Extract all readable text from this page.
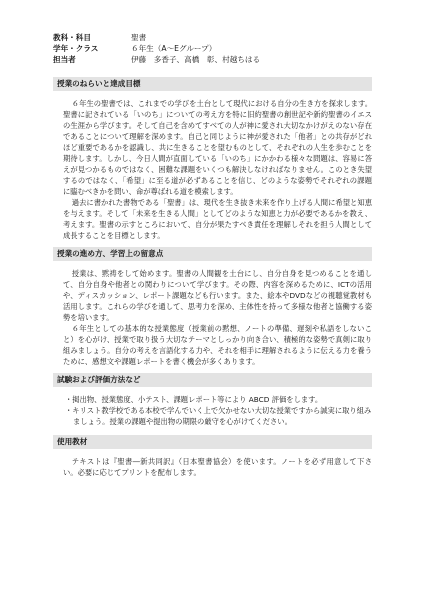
教科・科目	聖書
学年・クラス	６年生（A～Eグループ）
担当者	伊藤　多香子、高橋　彰、村越ちはる
授業のねらいと達成目標

６年生の聖書では、これまでの学びを土台として現代における自分の生き方を探求します。聖書に記されている「いのち」についての考え方を特に旧約聖書の創世記や新約聖書のイエスの生涯から学びます。そして自己を含めてすべての人が神に愛され大切なかけがえのない存在であることについて理解を深めます。自己と同じように神が愛された「他者」との共存がどれほど重要であるかを認識し、共に生きることを望むものとして、それぞれの人生を歩むことを期待します。しかし、今日人間が直面している「いのち」にかかわる様々な問題は、容易に答えが見つかるものではなく、困難な課題をいくつも解決しなければなりません。このとき失望するのではなく、「希望」に至る道が必ずあることを信じ、どのような姿勢でそれぞれの課題に臨むべきかを問い、命が尊ばれる道を模索します。

過去に書かれた書物である「聖書」は、現代を生き抜き未来を作り上げる人間に希望と知恵を与えます。そして「未来を生きる人間」としてどのような知恵と力が必要であるかを教え、考えます。聖書の示すところにおいて、自分が果たすべき責任を理解しそれを担う人間として成長することを目標とします。

授業の進め方、学習上の留意点

授業は、黙祷をして始めます。聖書の人間観を土台にし、自分自身を見つめることを通して、自分自身や他者との関わりについて学びます。その際、内容を深めるために、ICTの活用や、ディスカッション、レポート課題なども行います。また、絵本やDVDなどの視聴覚教材も活用します。これらの学びを通して、思考力を深め、主体性を持って多様な他者と協働する姿勢を培います。

６年生としての基本的な授業態度（授業前の黙想、ノートの準備、遅刻や私語をしないこと）を心がけ、授業で取り扱う大切なテーマとしっかり向き合い、積極的な姿勢で真剣に取り組みましょう。自分の考えを言語化する力や、それを相手に理解されるように伝える力を養うために、感想文や課題レポートを書く機会が多くあります。

試験および評価方法など
・ 掲出物、授業態度、小テスト、課題レポート等により ABCD 評価をします。
・ キリスト教学校である本校で学んでいく上で欠かせない大切な授業ですから誠実に取り組みましょう。授業の課題や提出物の期限の厳守を心がけてください。
使用教材

テキストは『聖書―新共同訳』（日本聖書協会）を使います。ノートを必ず用意して下さい。必要に応じてプリントを配布します。
